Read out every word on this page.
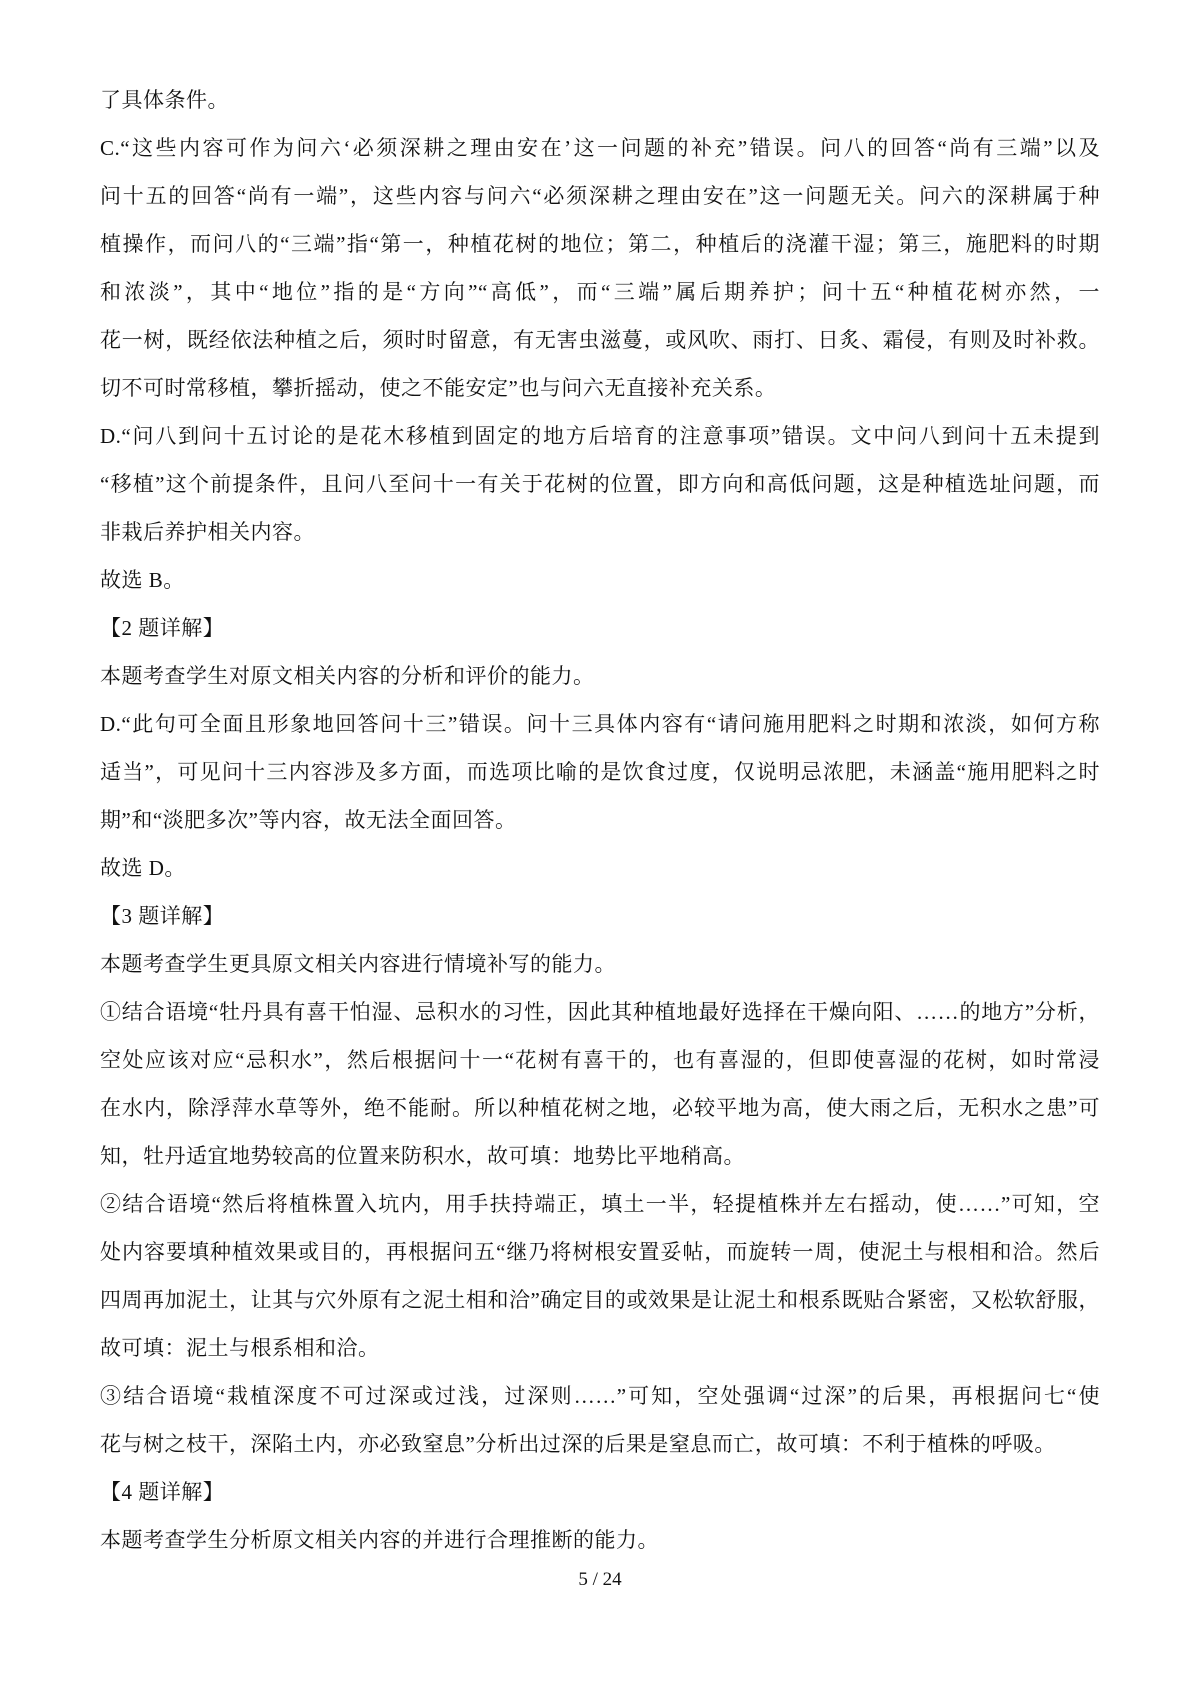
了具体条件。
C.“这些内容可作为问六‘必须深耕之理由安在’这一问题的补充”错误。问八的回答“尚有三端”以及
问十五的回答“尚有一端”，这些内容与问六“必须深耕之理由安在”这一问题无关。问六的深耕属于种
植操作，而问八的“三端”指“第一，种植花树的地位；第二，种植后的浇灌干湿；第三，施肥料的时期
和浓淡”，其中“地位”指的是“方向”“高低”，而“三端”属后期养护；问十五“种植花树亦然，一
花一树，既经依法种植之后，须时时留意，有无害虫滋蔓，或风吹、雨打、日炙、霜侵，有则及时补救。
切不可时常移植，攀折摇动，使之不能安定”也与问六无直接补充关系。
D.“问八到问十五讨论的是花木移植到固定的地方后培育的注意事项”错误。文中问八到问十五未提到
“移植”这个前提条件，且问八至问十一有关于花树的位置，即方向和高低问题，这是种植选址问题，而
非栽后养护相关内容。
故选 B。
【2 题详解】
本题考查学生对原文相关内容的分析和评价的能力。
D.“此句可全面且形象地回答问十三”错误。问十三具体内容有“请问施用肥料之时期和浓淡，如何方称
适当”，可见问十三内容涉及多方面，而选项比喻的是饮食过度，仅说明忌浓肥，未涵盖“施用肥料之时
期”和“淡肥多次”等内容，故无法全面回答。
故选 D。
【3 题详解】
本题考查学生更具原文相关内容进行情境补写的能力。
①结合语境“牡丹具有喜干怕湿、忌积水的习性，因此其种植地最好选择在干燥向阳、……的地方”分析，
空处应该对应“忌积水”，然后根据问十一“花树有喜干的，也有喜湿的，但即使喜湿的花树，如时常浸
在水内，除浮萍水草等外，绝不能耐。所以种植花树之地，必较平地为高，使大雨之后，无积水之患”可
知，牡丹适宜地势较高的位置来防积水，故可填：地势比平地稍高。
②结合语境“然后将植株置入坑内，用手扶持端正，填土一半，轻提植株并左右摇动，使……”可知，空
处内容要填种植效果或目的，再根据问五“继乃将树根安置妥帖，而旋转一周，使泥土与根相和洽。然后
四周再加泥土，让其与穴外原有之泥土相和洽”确定目的或效果是让泥土和根系既贴合紧密，又松软舒服，
故可填：泥土与根系相和洽。
③结合语境“栽植深度不可过深或过浅，过深则……”可知，空处强调“过深”的后果，再根据问七“使
花与树之枝干，深陷土内，亦必致窒息”分析出过深的后果是窒息而亡，故可填：不利于植株的呼吸。
【4 题详解】
本题考查学生分析原文相关内容的并进行合理推断的能力。
5 / 24
